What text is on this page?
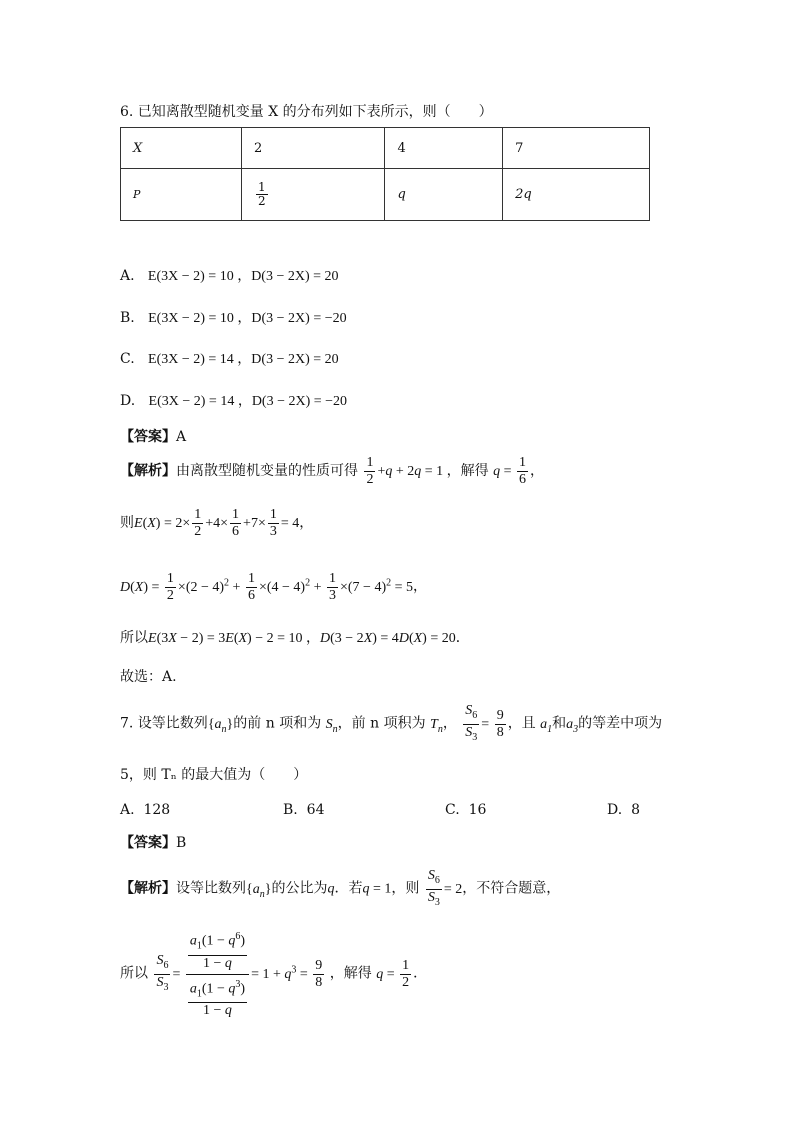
6. 已知离散型随机变量 X 的分布列如下表所示，则（　　）
X	2	4	7
P	$\frac{1}{2}$	q	2q
A. E(3X − 2) = 10 ，D(3 − 2X) = 20
B. E(3X − 2) = 10 ，D(3 − 2X) = −20
C. E(3X − 2) = 14 ，D(3 − 2X) = 20
D. E(3X − 2) = 14 ，D(3 − 2X) = −20
【答案】A
【解析】由离散型随机变量的性质可得 $\frac{1}{2} +q + 2q = 1$ ，解得 $q = \frac{1}{6}$ ，
则$E(X) = 2\times \frac{1}{2} +4\times \frac{1}{6} +7\times \frac{1}{3} = 4$，
$D(X) = \frac{1}{2} \times(2 - 4)^2 + \frac{1}{6} \times(4 - 4)^2 + \frac{1}{3} \times(7 - 4)^2 = 5$，
所以E(3X − 2) = 3E(X) − 2 = 10 ，D(3 − 2X) = 4D(X) = 20．
故选：A.
7. 设等比数列$\{a_n\}$的前 n 项和为 $S_n$，前 n 项积为 $T_n$， $\frac{S_6}{S_3} = \frac{9}{8}$ ，且 $a_1$和$a_3$的等差中项为
5，则 Tₙ 的最大值为（　　）
A. 128	B. 64	C. 16	D. 8
【答案】B
【解析】设等比数列$\{a_n\}$的公比为q．若q = 1，则 $\frac{S_6}{S_3} = 2$，不符合题意，
所以 $\frac{S_6}{S_3} = \frac{\frac{a_1(1 - q^6)}{1 - q}}{\frac{a_1(1 - q^3)}{1 - q}} = 1 + q^3 = \frac{9}{8}$ ，解得 $q = \frac{1}{2}$ ．
